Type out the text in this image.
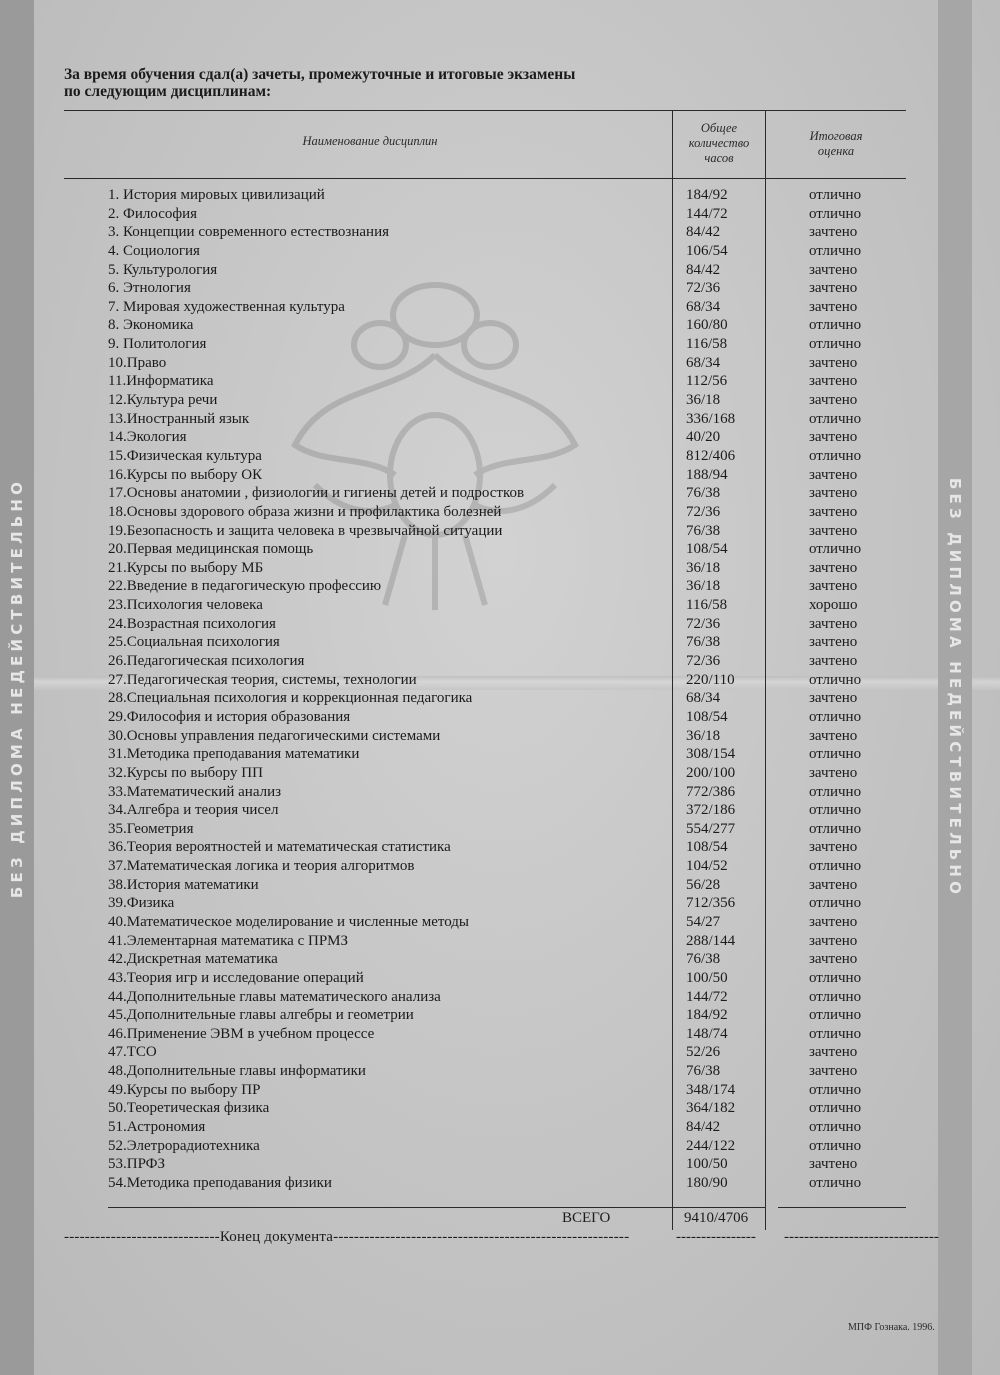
БЕЗ ДИПЛОМА НЕДЕЙСТВИТЕЛЬНО	БЕЗ ДИПЛОМА НЕДЕЙСТВИТЕЛЬНО
За время обучения сдал(а) зачеты, промежуточные и итоговые экзамены
по следующим дисциплинам:
Наименование дисциплин
Общее
количество
часов
Итоговая
оценка
1. История мировых цивилизаций	184/92	отлично
2. Философия	144/72	отлично
3. Концепции современного естествознания	84/42	зачтено
4. Социология	106/54	отлично
5. Культурология	84/42	зачтено
6. Этнология	72/36	зачтено
7. Мировая художественная культура	68/34	зачтено
8. Экономика	160/80	отлично
9. Политология	116/58	отлично
10.Право	68/34	зачтено
11.Информатика	112/56	зачтено
12.Культура речи	36/18	зачтено
13.Иностранный язык	336/168	отлично
14.Экология	40/20	зачтено
15.Физическая культура	812/406	отлично
16.Курсы по выбору ОК	188/94	зачтено
17.Основы анатомии , физиологии и гигиены детей и подростков	76/38	зачтено
18.Основы здорового образа жизни и профилактика болезней	72/36	зачтено
19.Безопасность и защита человека в чрезвычайной ситуации	76/38	зачтено
20.Первая медицинская помощь	108/54	отлично
21.Курсы по выбору МБ	36/18	зачтено
22.Введение в педагогическую профессию	36/18	зачтено
23.Психология человека	116/58	хорошо
24.Возрастная психология	72/36	зачтено
25.Социальная психология	76/38	зачтено
26.Педагогическая психология	72/36	зачтено
27.Педагогическая теория, системы, технологии	220/110	отлично
28.Специальная психология и коррекционная педагогика	68/34	зачтено
29.Философия и история образования	108/54	отлично
30.Основы управления педагогическими системами	36/18	зачтено
31.Методика преподавания математики	308/154	отлично
32.Курсы по выбору ПП	200/100	зачтено
33.Математический анализ	772/386	отлично
34.Алгебра и теория чисел	372/186	отлично
35.Геометрия	554/277	отлично
36.Теория вероятностей и математическая статистика	108/54	зачтено
37.Математическая логика и теория алгоритмов	104/52	отлично
38.История математики	56/28	зачтено
39.Физика	712/356	отлично
40.Математическое моделирование и численные методы	54/27	зачтено
41.Элементарная математика с ПРМЗ	288/144	зачтено
42.Дискретная математика	76/38	зачтено
43.Теория игр и исследование операций	100/50	отлично
44.Дополнительные главы математического анализа	144/72	отлично
45.Дополнительные главы алгебры и геометрии	184/92	отлично
46.Применение ЭВМ в учебном процессе	148/74	отлично
47.ТСО	52/26	зачтено
48.Дополнительные главы информатики	76/38	зачтено
49.Курсы по выбору ПР	348/174	отлично
50.Теоретическая физика	364/182	отлично
51.Астрономия	84/42	отлично
52.Элетрорадиотехника	244/122	отлично
53.ПРФЗ	100/50	зачтено
54.Методика преподавания физики	180/90	отлично
ВСЕГО	9410/4706
------------------------------Конец документа---------------------------------------------------------	---------------- -------------------------------
МПФ Гознака. 1996.
